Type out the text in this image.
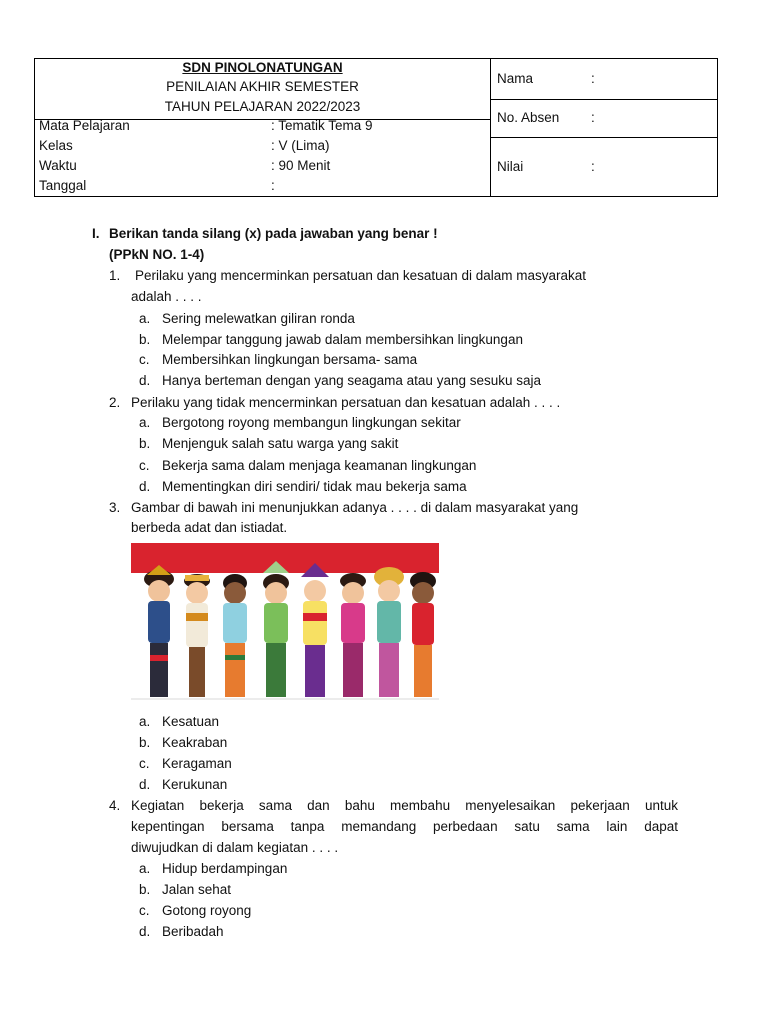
SDN PINOLONATUNGAN
PENILAIAN AKHIR SEMESTER
TAHUN PELAJARAN 2022/2023
Mata Pelajaran	: Tematik Tema 9
Kelas	: V (Lima)
Waktu	: 90 Menit
Tanggal	:
Nama	:
No. Absen :
Nilai	:
I. Berikan tanda silang (x) pada jawaban yang benar !
(PPkN NO. 1-4)
1. Perilaku yang mencerminkan persatuan dan kesatuan di dalam masyarakat
adalah . . . .
a. Sering melewatkan giliran ronda
b. Melempar tanggung jawab dalam membersihkan lingkungan
c. Membersihkan lingkungan bersama- sama
d. Hanya berteman dengan yang seagama atau yang sesuku saja
2. Perilaku yang tidak mencerminkan persatuan dan kesatuan adalah . . . .
a. Bergotong royong membangun lingkungan sekitar
b. Menjenguk salah satu warga yang sakit
c. Bekerja sama dalam menjaga keamanan lingkungan
d. Mementingkan diri sendiri/ tidak mau bekerja sama
3. Gambar di bawah ini menunjukkan adanya . . . . di dalam masyarakat yang
berbeda adat dan istiadat.
a. Kesatuan
b. Keakraban
c. Keragaman
d. Kerukunan
4. Kegiatan bekerja sama dan bahu membahu menyelesaikan pekerjaan untuk
kepentingan bersama tanpa memandang perbedaan satu sama lain dapat
diwujudkan di dalam kegiatan . . . .
a. Hidup berdampingan
b. Jalan sehat
c. Gotong royong
d. Beribadah
